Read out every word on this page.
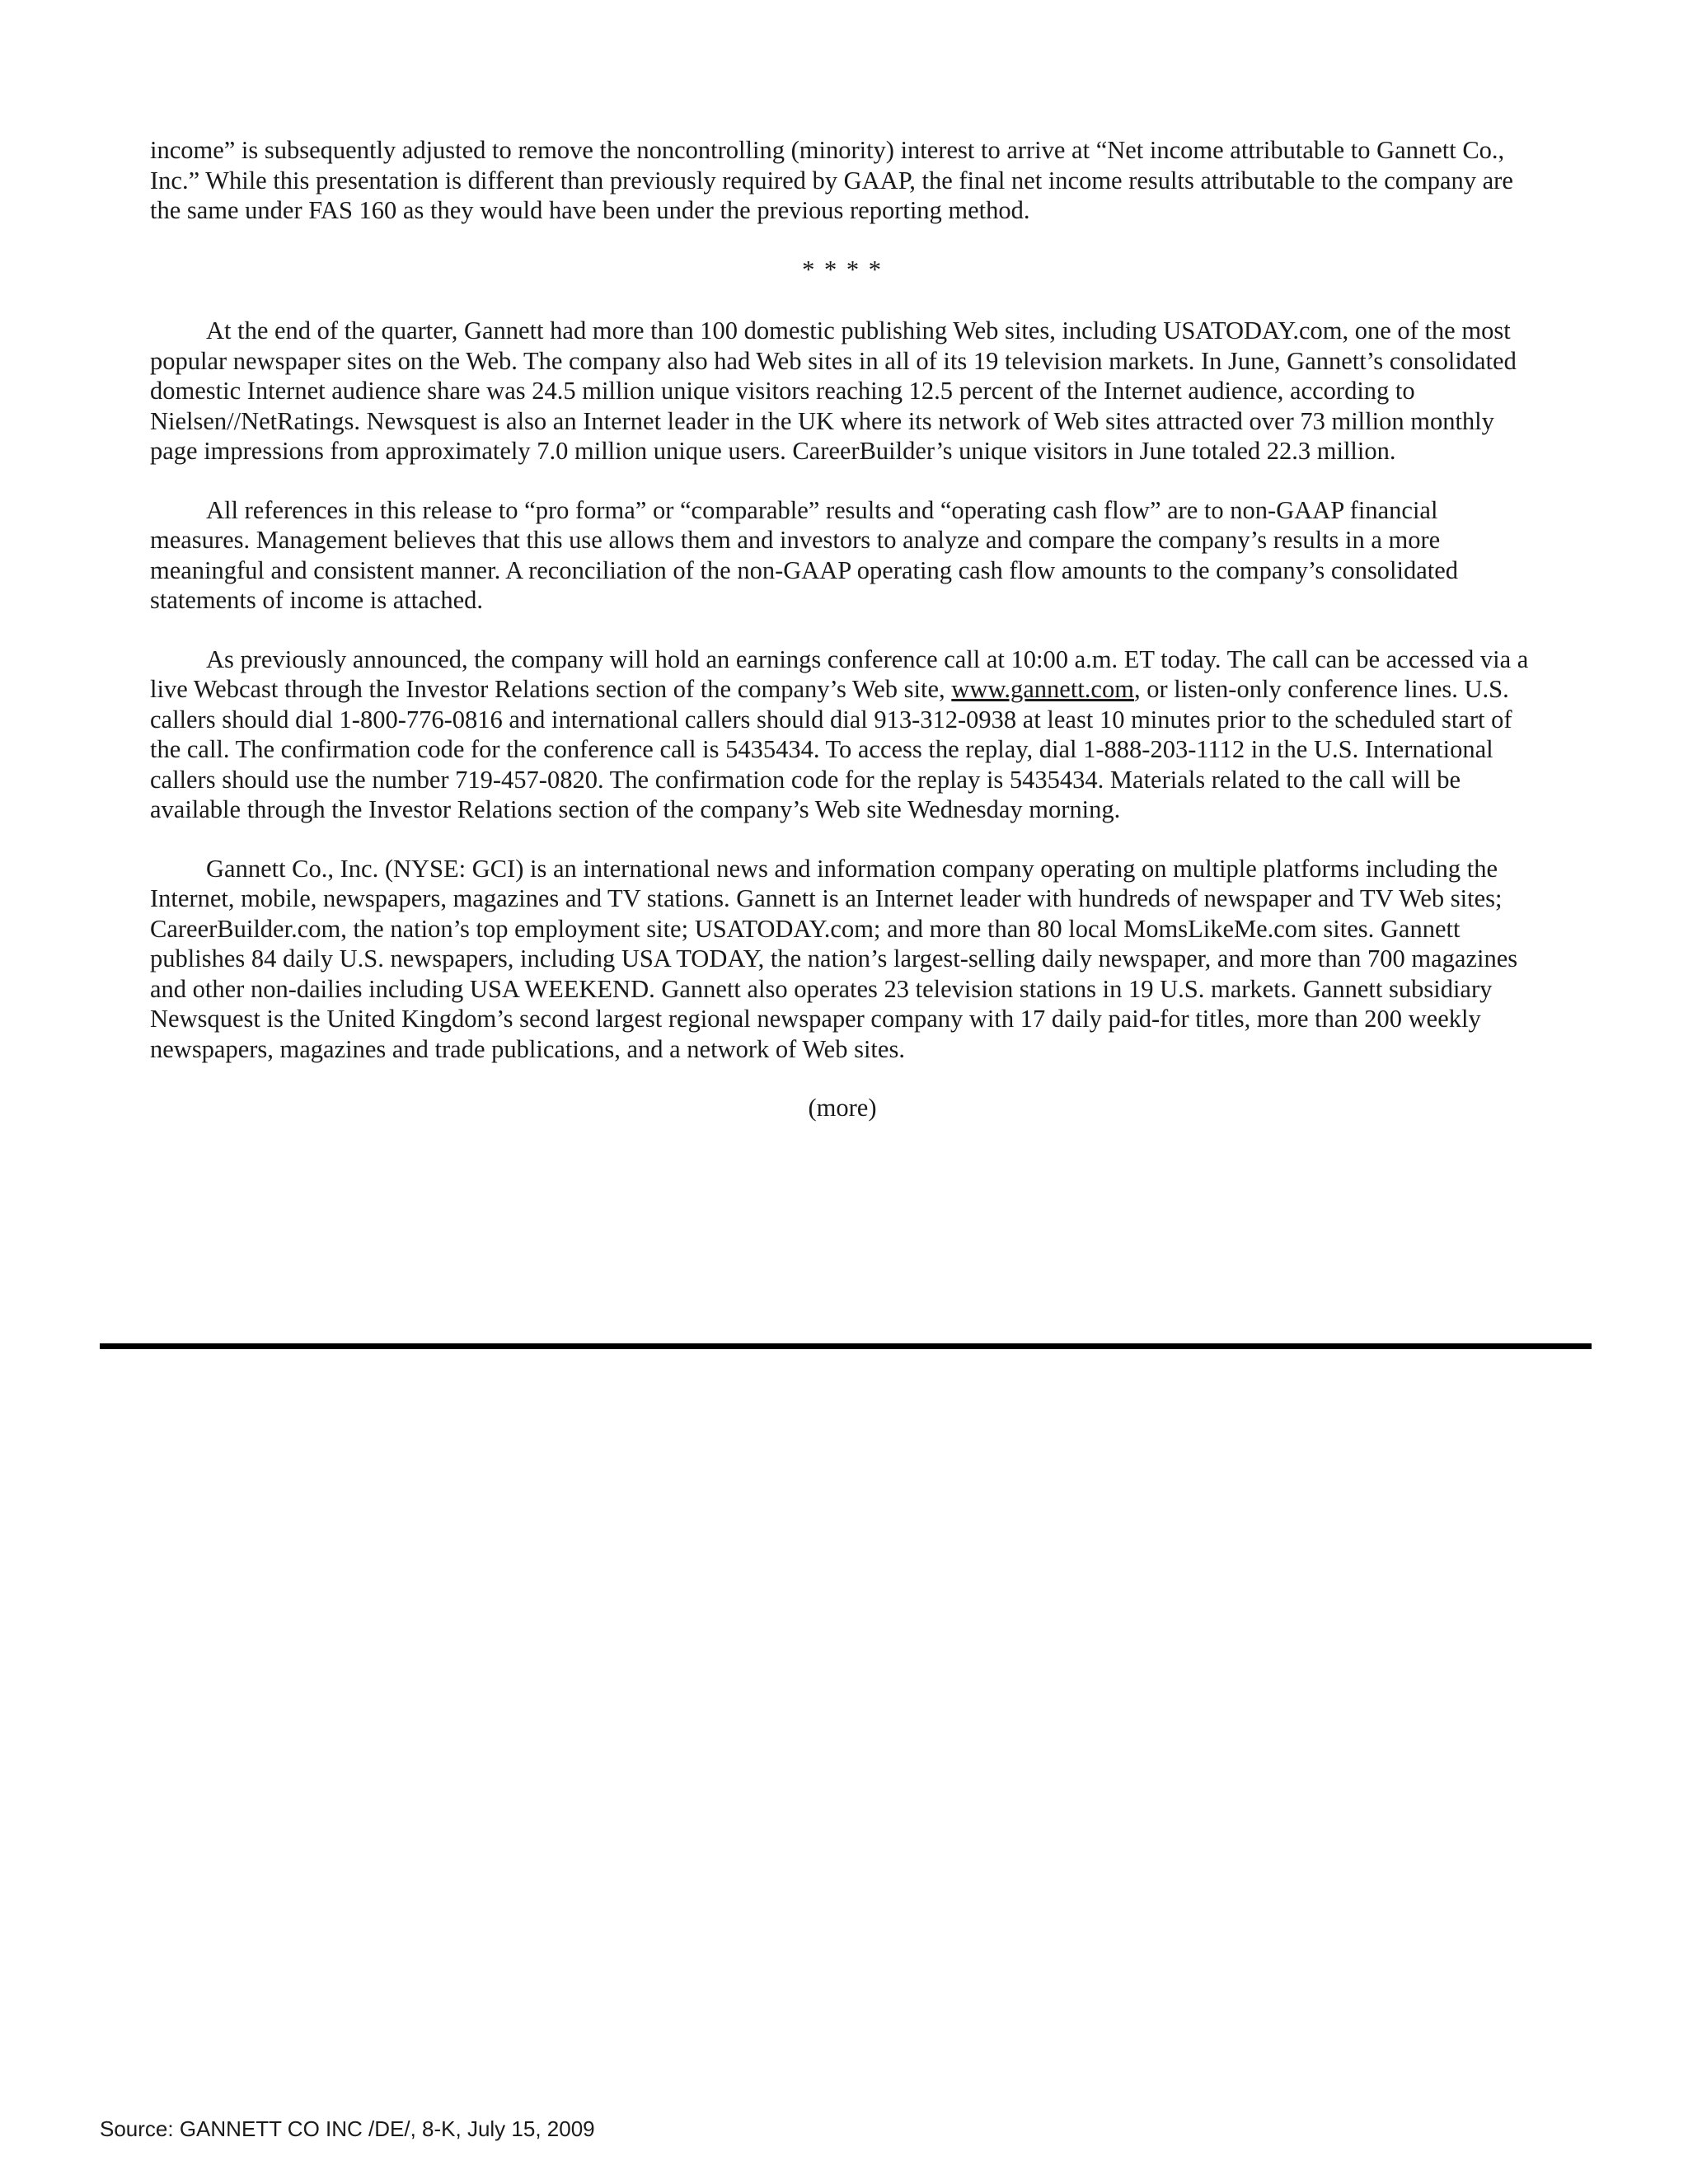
income” is subsequently adjusted to remove the noncontrolling (minority) interest to arrive at “Net income attributable to Gannett Co., Inc.” While this presentation is different than previously required by GAAP, the final net income results attributable to the company are the same under FAS 160 as they would have been under the previous reporting method.

* * * *

At the end of the quarter, Gannett had more than 100 domestic publishing Web sites, including USATODAY.com, one of the most popular newspaper sites on the Web. The company also had Web sites in all of its 19 television markets. In June, Gannett’s consolidated domestic Internet audience share was 24.5 million unique visitors reaching 12.5 percent of the Internet audience, according to Nielsen//NetRatings. Newsquest is also an Internet leader in the UK where its network of Web sites attracted over 73 million monthly page impressions from approximately 7.0 million unique users. CareerBuilder’s unique visitors in June totaled 22.3 million.

All references in this release to “pro forma” or “comparable” results and “operating cash flow” are to non-GAAP financial measures. Management believes that this use allows them and investors to analyze and compare the company’s results in a more meaningful and consistent manner. A reconciliation of the non-GAAP operating cash flow amounts to the company’s consolidated statements of income is attached.

As previously announced, the company will hold an earnings conference call at 10:00 a.m. ET today. The call can be accessed via a live Webcast through the Investor Relations section of the company’s Web site, www.gannett.com, or listen-only conference lines. U.S. callers should dial 1-800-776-0816 and international callers should dial 913-312-0938 at least 10 minutes prior to the scheduled start of the call. The confirmation code for the conference call is 5435434. To access the replay, dial 1-888-203-1112 in the U.S. International callers should use the number 719-457-0820. The confirmation code for the replay is 5435434. Materials related to the call will be available through the Investor Relations section of the company’s Web site Wednesday morning.

Gannett Co., Inc. (NYSE: GCI) is an international news and information company operating on multiple platforms including the Internet, mobile, newspapers, magazines and TV stations. Gannett is an Internet leader with hundreds of newspaper and TV Web sites; CareerBuilder.com, the nation’s top employment site; USATODAY.com; and more than 80 local MomsLikeMe.com sites. Gannett publishes 84 daily U.S. newspapers, including USA TODAY, the nation’s largest-selling daily newspaper, and more than 700 magazines and other non-dailies including USA WEEKEND. Gannett also operates 23 television stations in 19 U.S. markets. Gannett subsidiary Newsquest is the United Kingdom’s second largest regional newspaper company with 17 daily paid-for titles, more than 200 weekly newspapers, magazines and trade publications, and a network of Web sites.

(more)
Source: GANNETT CO INC /DE/, 8-K, July 15, 2009
